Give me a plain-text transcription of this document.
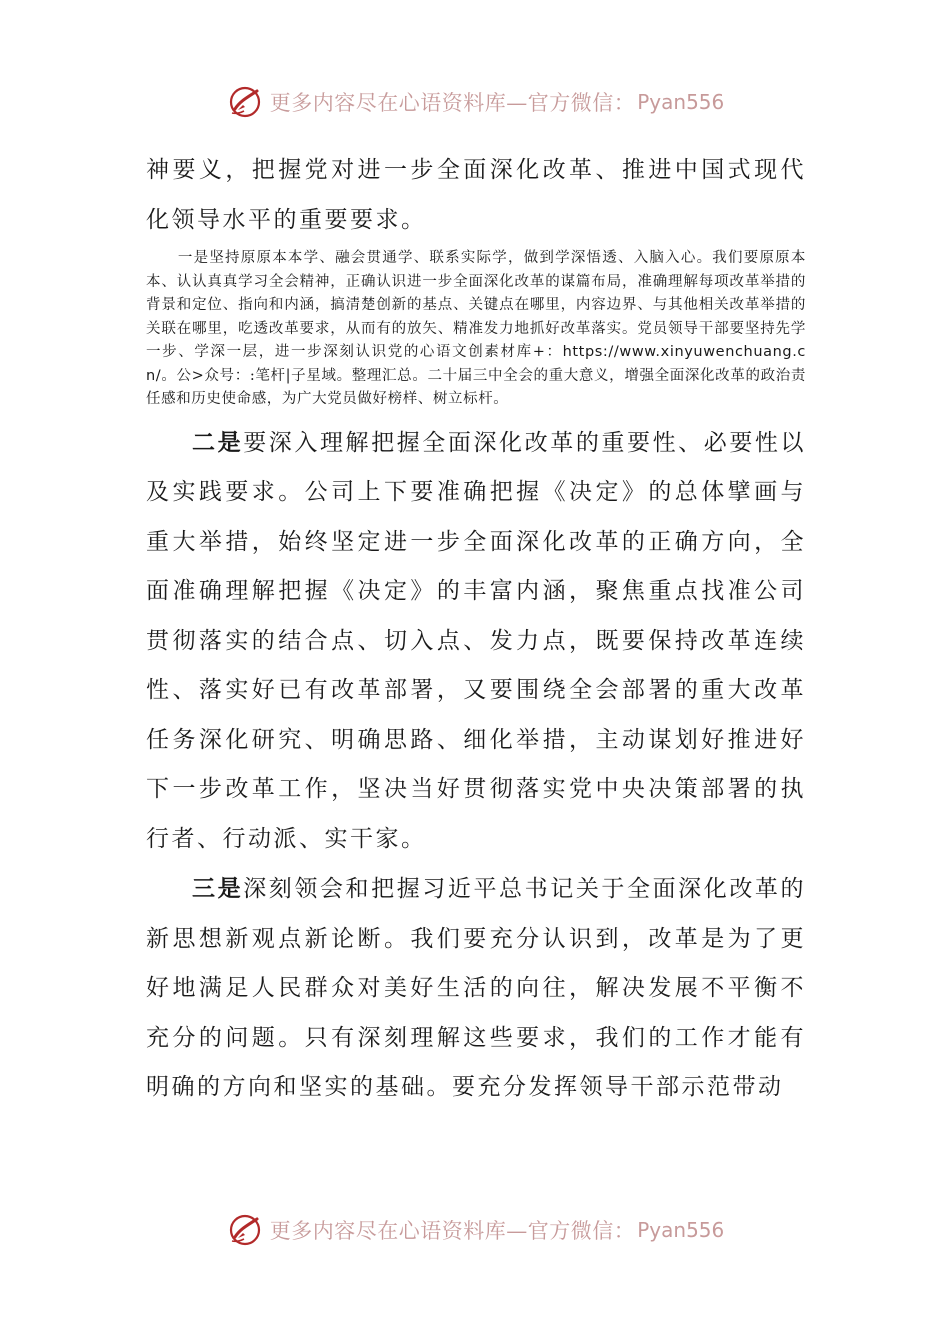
更多内容尽在心语资料库—官方微信： Pyan556

神要义，把握党对进一步全面深化改革、推进中国式现代化领导水平的重要要求。

一是坚持原原本本学、融会贯通学、联系实际学，做到学深悟透、入脑入心。我们要原原本本、认认真真学习全会精神，正确认识进一步全面深化改革的谋篇布局，准确理解每项改革举措的背景和定位、指向和内涵，搞清楚创新的基点、关键点在哪里，内容边界、与其他相关改革举措的关联在哪里，吃透改革要求，从而有的放矢、精准发力地抓好改革落实。党员领导干部要坚持先学一步、学深一层，进一步深刻认识党的心语文创素材库+：https://www.xinyuwenchuang.cn/。公>众号：:笔杆|子星域。整理汇总。二十届三中全会的重大意义，增强全面深化改革的政治责任感和历史使命感，为广大党员做好榜样、树立标杆。

二是要深入理解把握全面深化改革的重要性、必要性以及实践要求。公司上下要准确把握《决定》的总体擘画与重大举措，始终坚定进一步全面深化改革的正确方向，全面准确理解把握《决定》的丰富内涵，聚焦重点找准公司贯彻落实的结合点、切入点、发力点，既要保持改革连续性、落实好已有改革部署，又要围绕全会部署的重大改革任务深化研究、明确思路、细化举措，主动谋划好推进好下一步改革工作，坚决当好贯彻落实党中央决策部署的执行者、行动派、实干家。

三是深刻领会和把握习近平总书记关于全面深化改革的新思想新观点新论断。我们要充分认识到，改革是为了更好地满足人民群众对美好生活的向往，解决发展不平衡不充分的问题。只有深刻理解这些要求，我们的工作才能有明确的方向和坚实的基础。要充分发挥领导干部示范带动

更多内容尽在心语资料库—官方微信： Pyan556
